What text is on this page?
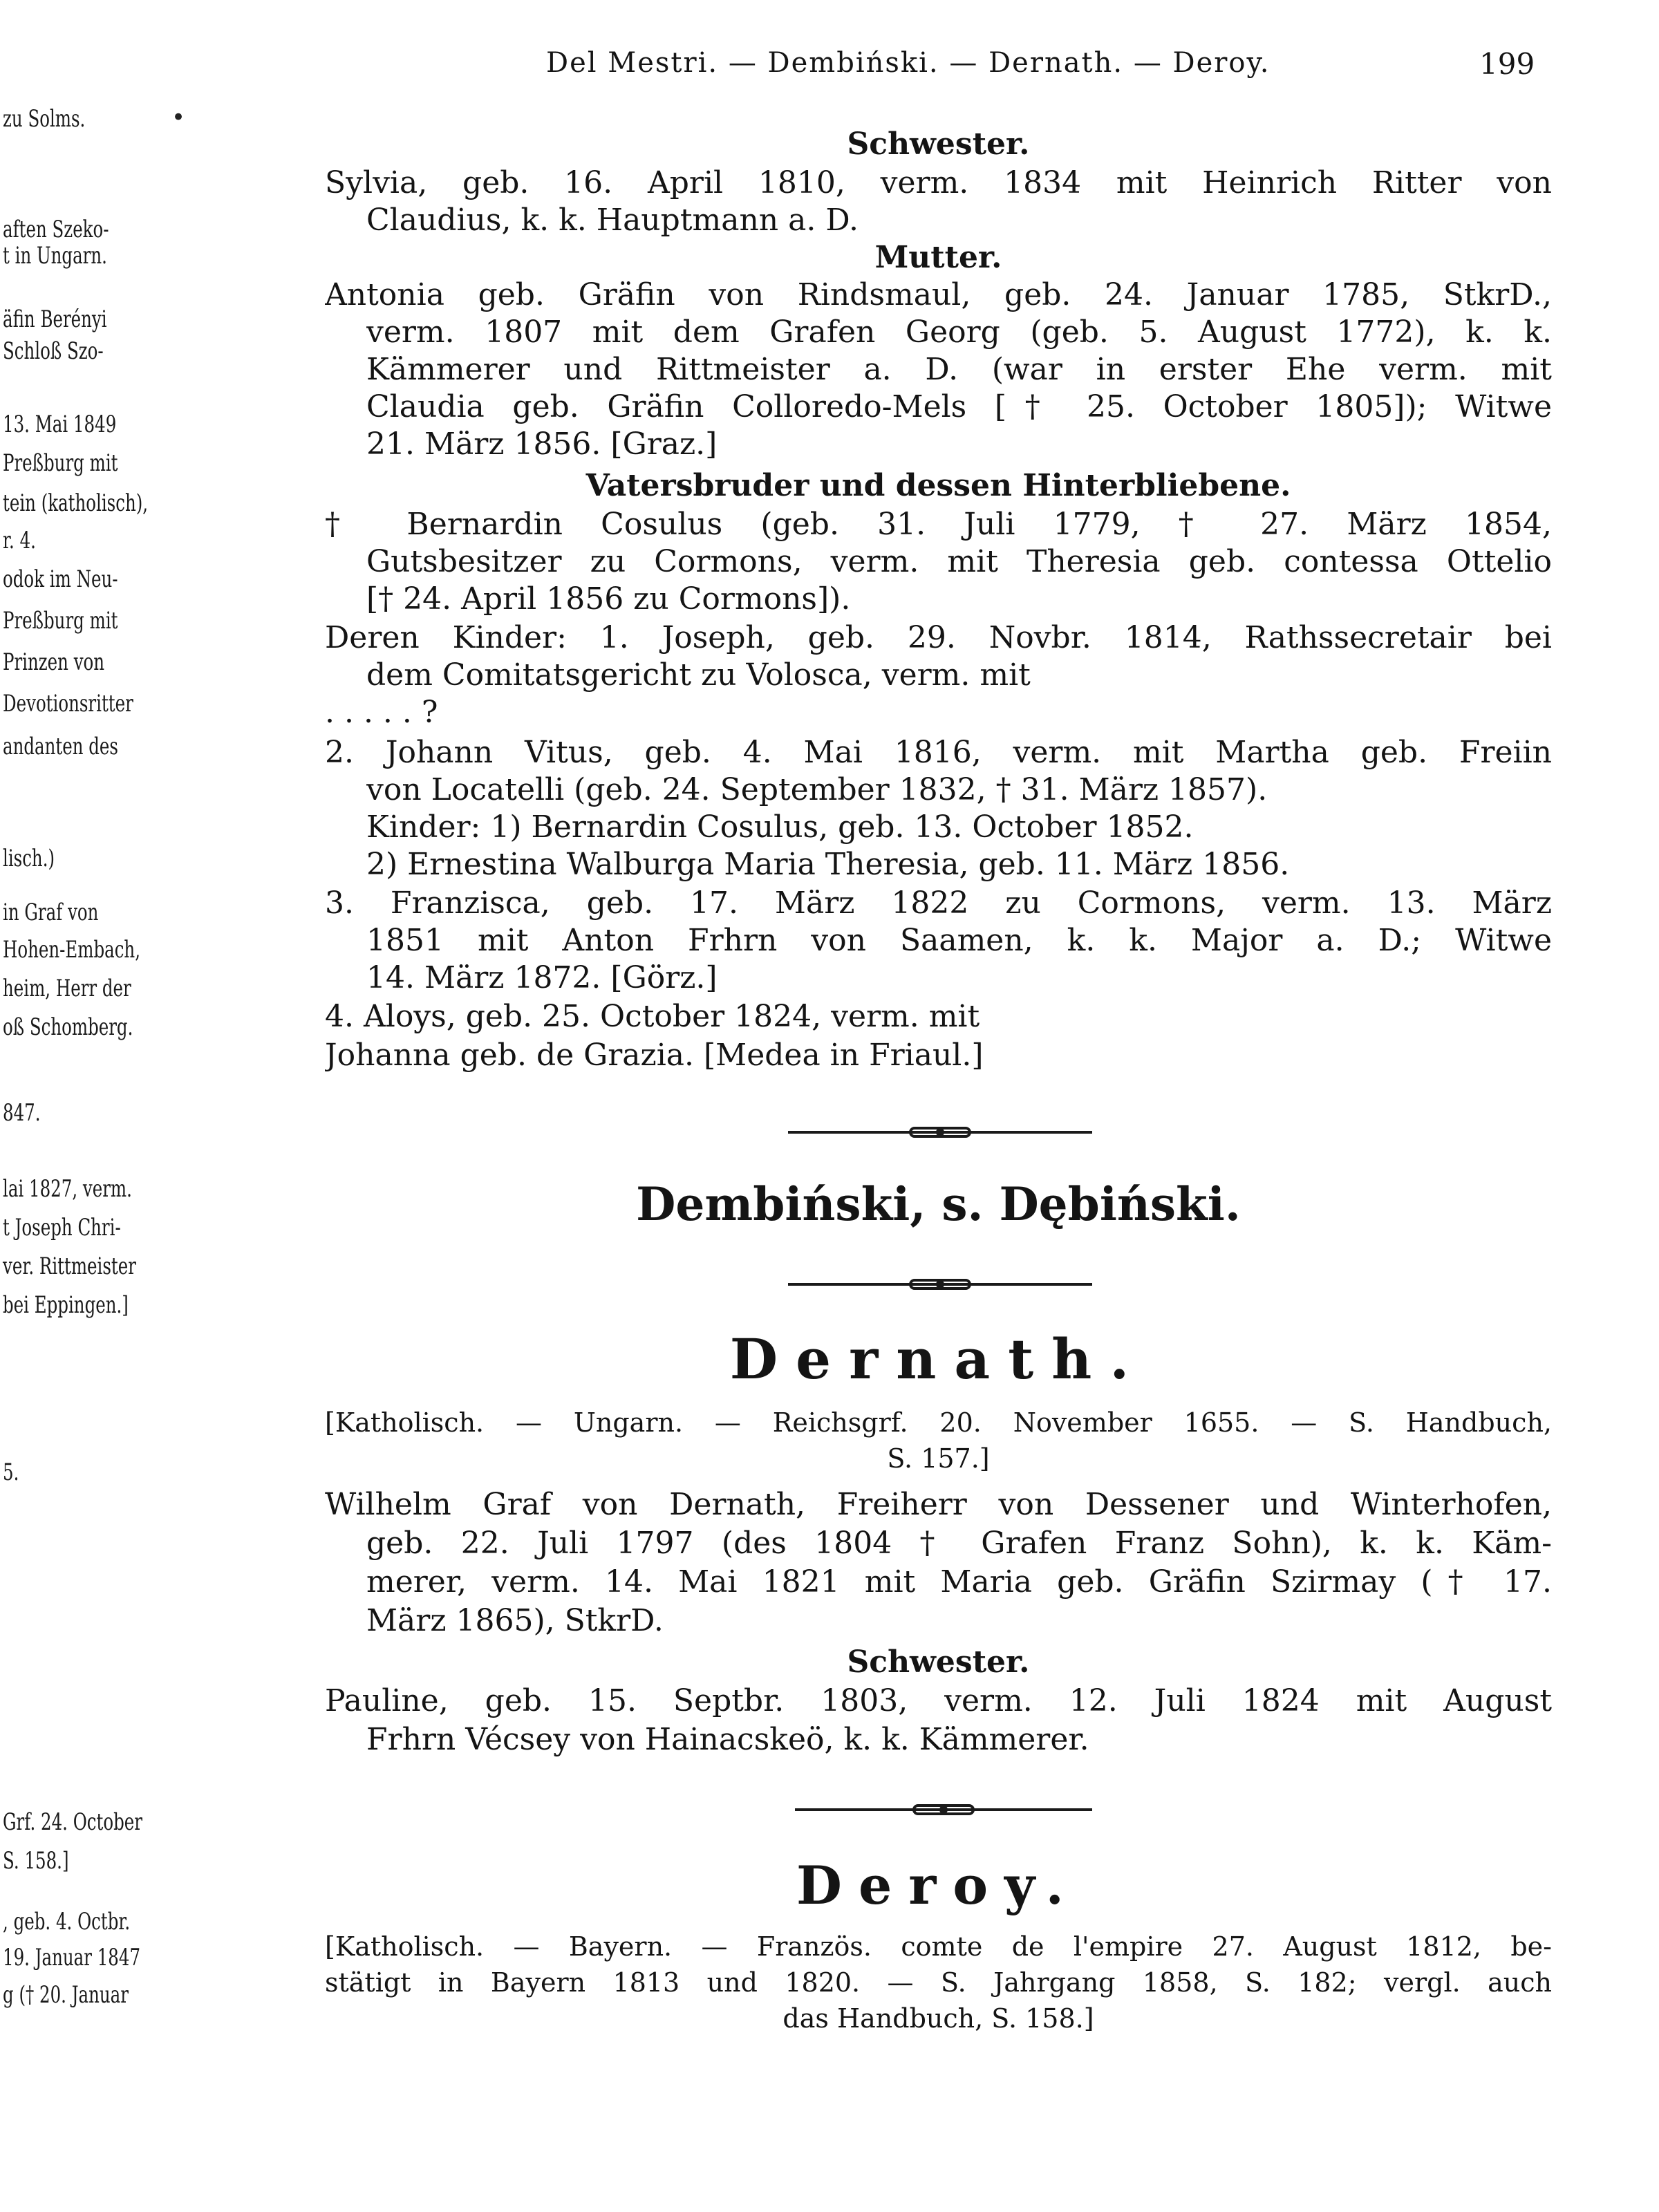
zu Solms.	•
aften Szeko-
t in Ungarn.
äfin Berényi
Schloß Szo-
13. Mai 1849
Preßburg mit
tein (katholisch),
r. 4.
odok im Neu-
Preßburg mit
Prinzen von
Devotionsritter
andanten des
lisch.)
in Graf von
Hohen-Embach,
heim, Herr der
oß Schomberg.
847.
lai 1827, verm.
t Joseph Chri-
ver. Rittmeister
bei Eppingen.]
5.
Grf. 24. October
S. 158.]
, geb. 4. Octbr.
19. Januar 1847
g († 20. Januar
Del Mestri. — Dembiński. — Dernath. — Deroy.	199
Schwester.
Sylvia, geb. 16. April 1810, verm. 1834 mit Heinrich Ritter von
Claudius, k. k. Hauptmann a. D.
Mutter.
Antonia geb. Gräfin von Rindsmaul, geb. 24. Januar 1785, StkrD.,
verm. 1807 mit dem Grafen Georg (geb. 5. August 1772), k. k.
Kämmerer und Rittmeister a. D. (war in erster Ehe verm. mit
Claudia geb. Gräfin Colloredo-Mels [† 25. October 1805]); Witwe
21. März 1856. [Graz.]
Vatersbruder und dessen Hinterbliebene.
† Bernardin Cosulus (geb. 31. Juli 1779, † 27. März 1854,
Gutsbesitzer zu Cormons, verm. mit Theresia geb. contessa Ottelio
[† 24. April 1856 zu Cormons]).
Deren Kinder: 1. Joseph, geb. 29. Novbr. 1814, Rathssecretair bei
dem Comitatsgericht zu Volosca, verm. mit
. . . . . ?
2. Johann Vitus, geb. 4. Mai 1816, verm. mit Martha geb. Freiin
von Locatelli (geb. 24. September 1832, † 31. März 1857).
Kinder: 1) Bernardin Cosulus, geb. 13. October 1852.
2) Ernestina Walburga Maria Theresia, geb. 11. März 1856.
3. Franzisca, geb. 17. März 1822 zu Cormons, verm. 13. März
1851 mit Anton Frhrn von Saamen, k. k. Major a. D.; Witwe
14. März 1872. [Görz.]
4. Aloys, geb. 25. October 1824, verm. mit
Johanna geb. de Grazia. [Medea in Friaul.]
Dembiński, s. Dębiński.
Dernath.
[Katholisch. — Ungarn. — Reichsgrf. 20. November 1655. — S. Handbuch,
S. 157.]
Wilhelm Graf von Dernath, Freiherr von Dessener und Winterhofen,
geb. 22. Juli 1797 (des 1804 † Grafen Franz Sohn), k. k. Käm-
merer, verm. 14. Mai 1821 mit Maria geb. Gräfin Szirmay († 17.
März 1865), StkrD.
Schwester.
Pauline, geb. 15. Septbr. 1803, verm. 12. Juli 1824 mit August
Frhrn Vécsey von Hainacskeö, k. k. Kämmerer.
Deroy.
[Katholisch. — Bayern. — Französ. comte de l'empire 27. August 1812, be-
stätigt in Bayern 1813 und 1820. — S. Jahrgang 1858, S. 182; vergl. auch
das Handbuch, S. 158.]
